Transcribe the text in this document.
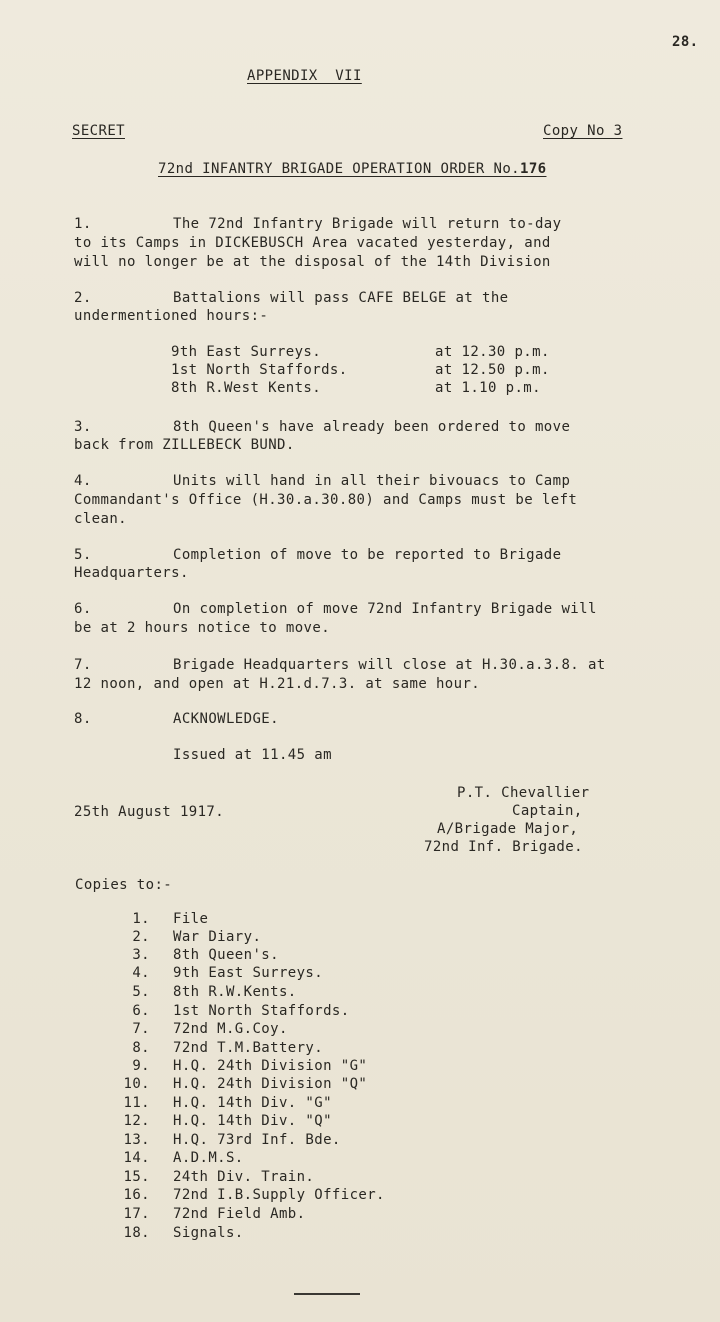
28.
APPENDIX  VII
SECRET	Copy No 3
72nd INFANTRY BRIGADE OPERATION ORDER No.176
1.	The 72nd Infantry Brigade will return to-day
to its Camps in DICKEBUSCH Area vacated yesterday, and
will no longer be at the disposal of the 14th Division
2.	Battalions will pass CAFE BELGE at the
undermentioned hours:-
9th East Surreys.	at 12.30 p.m.
1st North Staffords.	at 12.50 p.m.
8th R.West Kents.	at 1.10 p.m.
3.	8th Queen's have already been ordered to move
back from ZILLEBECK BUND.
4.	Units will hand in all their bivouacs to Camp
Commandant's Office (H.30.a.30.80) and Camps must be left
clean.
5.	Completion of move to be reported to Brigade
Headquarters.
6.	On completion of move 72nd Infantry Brigade will
be at 2 hours notice to move.
7.	Brigade Headquarters will close at H.30.a.3.8. at
12 noon, and open at H.21.d.7.3. at same hour.
8.	ACKNOWLEDGE.
Issued at 11.45 am
25th August 1917.
P.T. Chevallier
Captain,
A/Brigade Major,
72nd Inf. Brigade.
Copies to:-
1. File
2. War Diary.
3. 8th Queen's.
4. 9th East Surreys.
5. 8th R.W.Kents.
6. 1st North Staffords.
7. 72nd M.G.Coy.
8. 72nd T.M.Battery.
9. H.Q. 24th Division "G"
10. H.Q. 24th Division "Q"
11. H.Q. 14th Div. "G"
12. H.Q. 14th Div. "Q"
13. H.Q. 73rd Inf. Bde.
14. A.D.M.S.
15. 24th Div. Train.
16. 72nd I.B.Supply Officer.
17. 72nd Field Amb.
18. Signals.
